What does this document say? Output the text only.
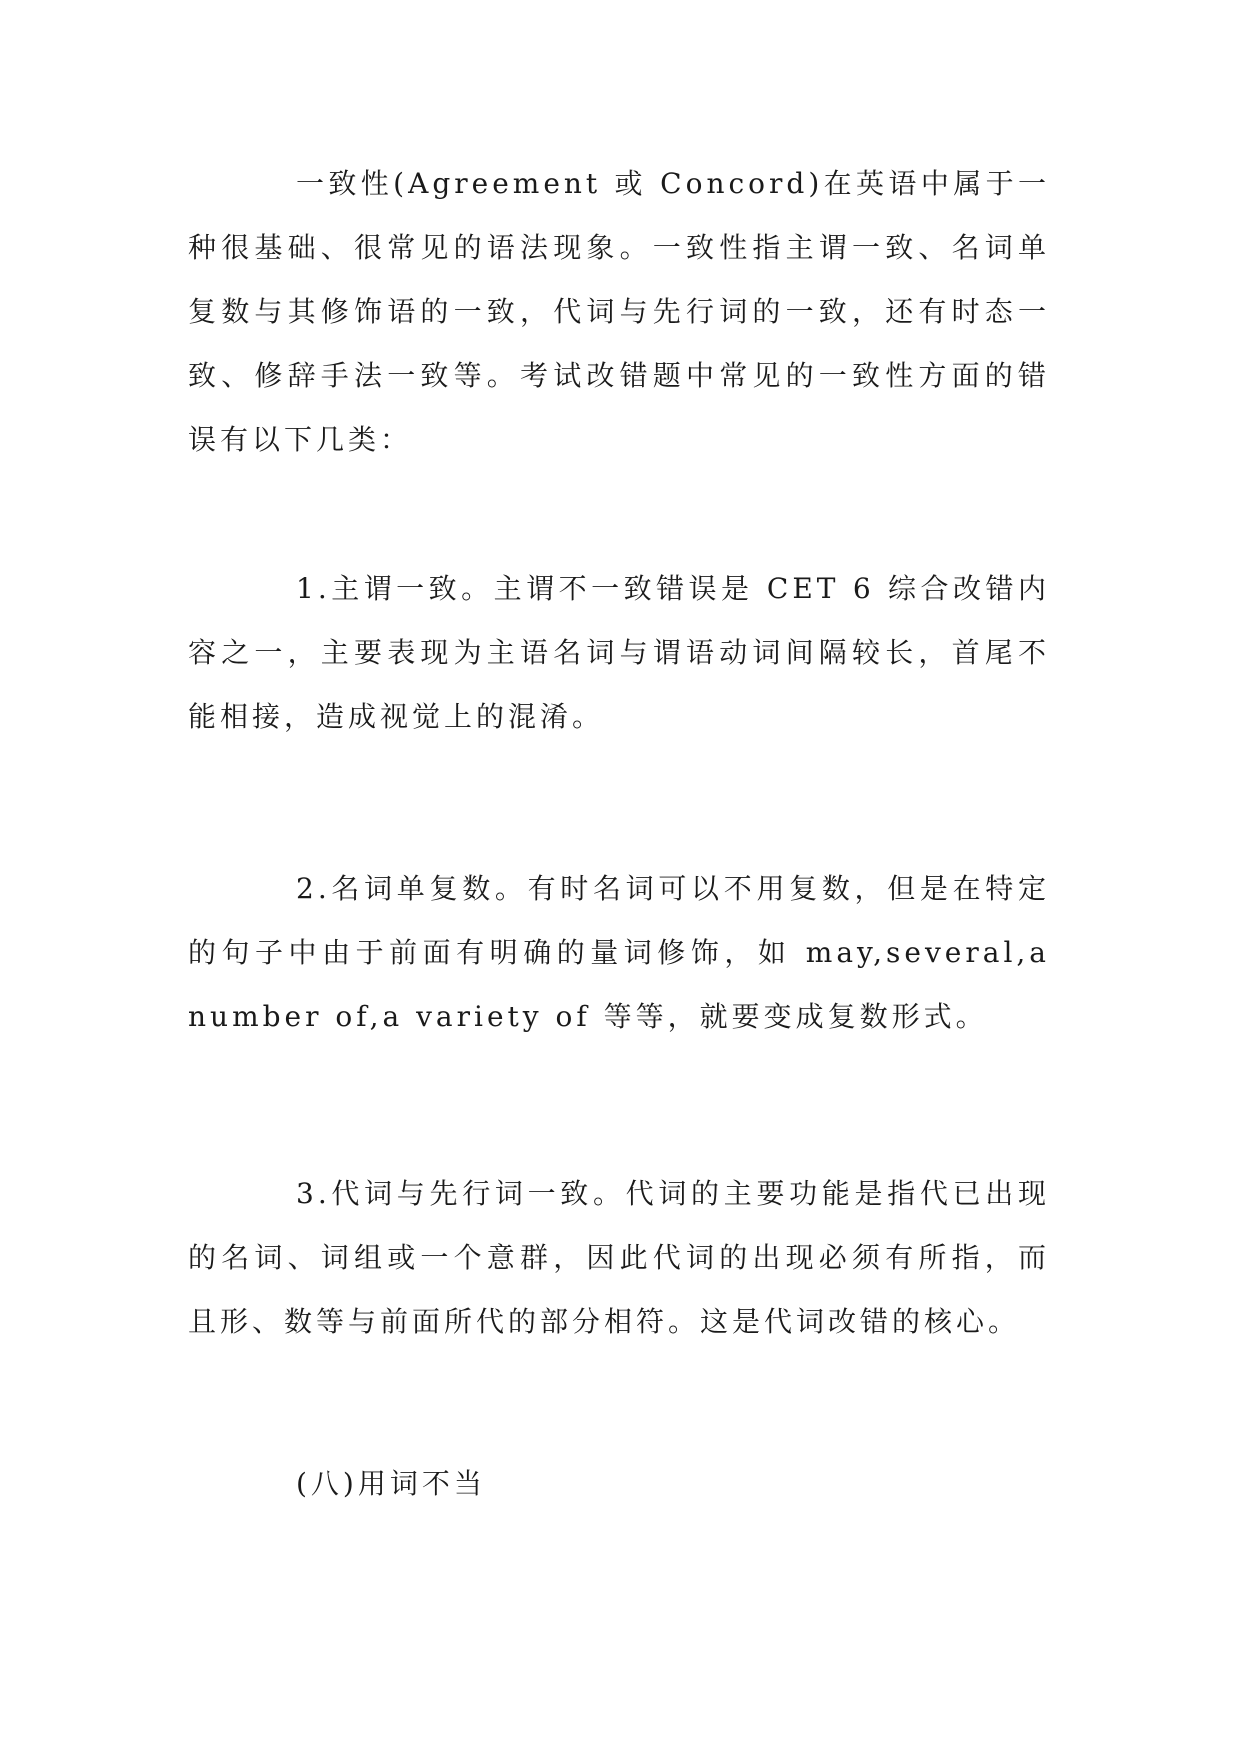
一致性(Agreement 或 Concord)在英语中属于一种很基础、很常见的语法现象。一致性指主谓一致、名词单复数与其修饰语的一致，代词与先行词的一致，还有时态一致、修辞手法一致等。考试改错题中常见的一致性方面的错误有以下几类：

1.主谓一致。主谓不一致错误是 CET 6 综合改错内容之一，主要表现为主语名词与谓语动词间隔较长，首尾不能相接，造成视觉上的混淆。

2.名词单复数。有时名词可以不用复数，但是在特定的句子中由于前面有明确的量词修饰，如 may,several,a number of,a variety of 等等，就要变成复数形式。

3.代词与先行词一致。代词的主要功能是指代已出现的名词、词组或一个意群，因此代词的出现必须有所指，而且形、数等与前面所代的部分相符。这是代词改错的核心。

(八)用词不当
